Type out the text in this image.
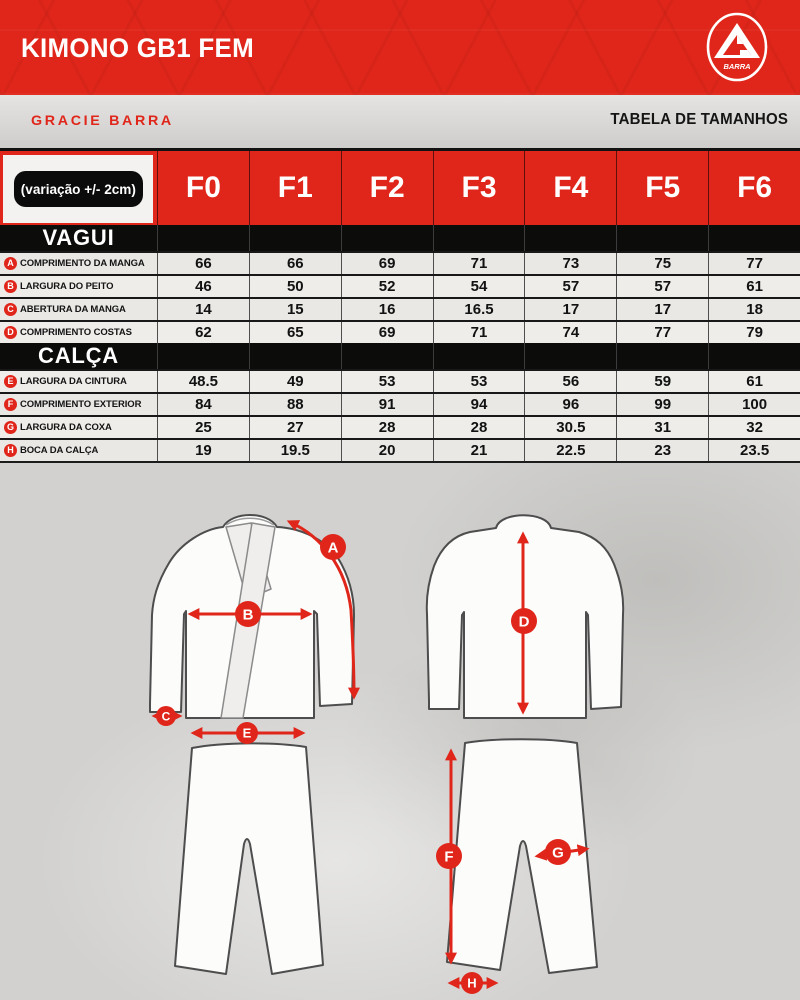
KIMONO GB1 FEM
BARRA
GRACIE BARRA	TABELA DE TAMANHOS
(variação +/- 2cm)	F0	F1	F2	F3	F4	F5	F6
VAGUI
A COMPRIMENTO DA MANGA	66	66	69	71	73	75	77
B LARGURA DO PEITO	46	50	52	54	57	57	61
C ABERTURA DA MANGA	14	15	16	16.5	17	17	18
D COMPRIMENTO COSTAS	62	65	69	71	74	77	79
CALÇA
E LARGURA DA CINTURA	48.5	49	53	53	56	59	61
F COMPRIMENTO EXTERIOR	84	88	91	94	96	99	100
G LARGURA DA COXA	25	27	28	28	30.5	31	32
H BOCA DA CALÇA	19	19.5	20	21	22.5	23	23.5
A
B
C
D
E
F	G
H
